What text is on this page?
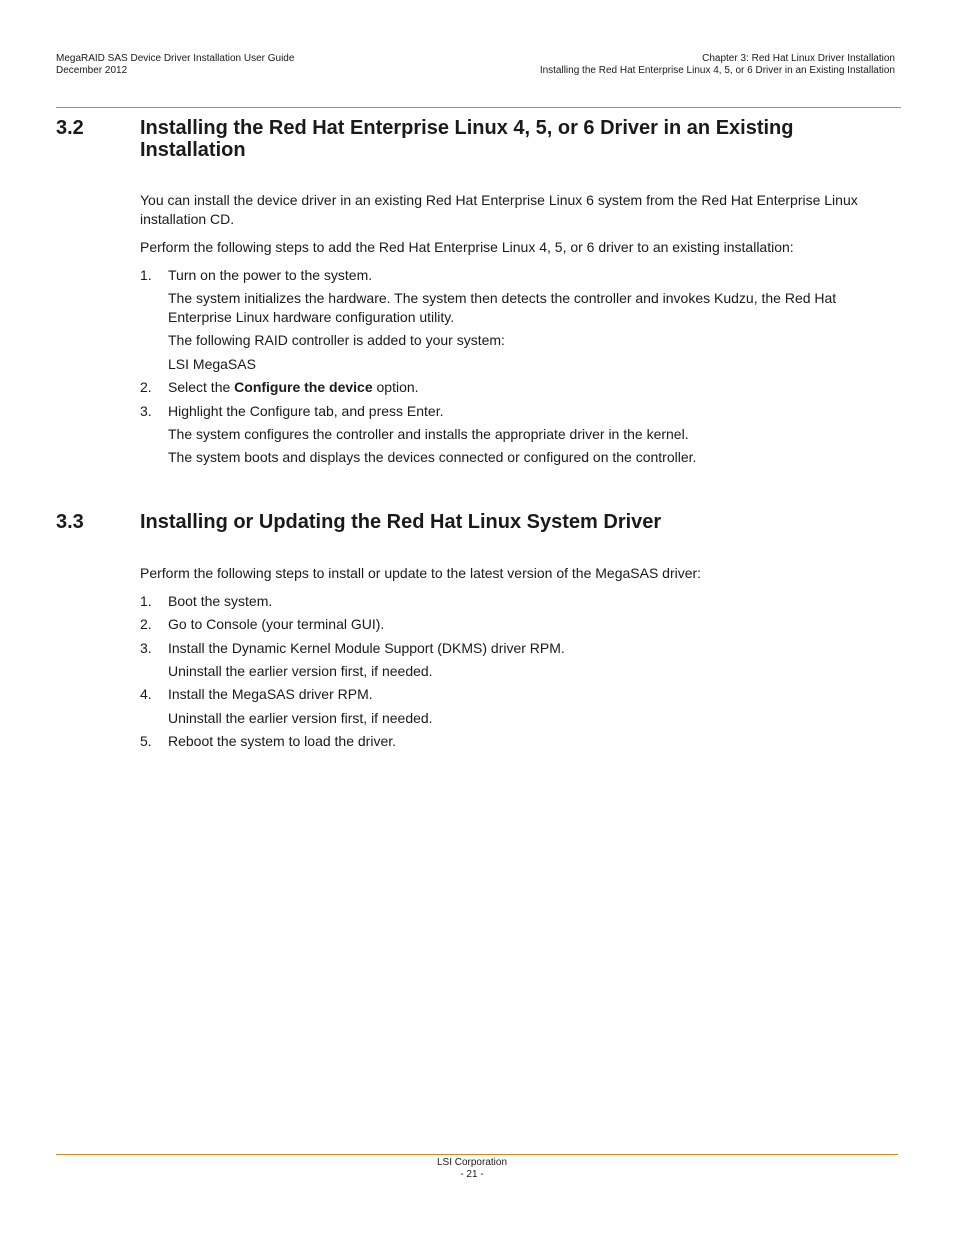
MegaRAID SAS Device Driver Installation User Guide
December 2012
Chapter 3: Red Hat Linux Driver Installation
Installing the Red Hat Enterprise Linux 4, 5, or 6 Driver in an Existing Installation
3.2	Installing the Red Hat Enterprise Linux 4, 5, or 6 Driver in an Existing Installation
You can install the device driver in an existing Red Hat Enterprise Linux 6 system from the Red Hat Enterprise Linux installation CD.
Perform the following steps to add the Red Hat Enterprise Linux 4, 5, or 6 driver to an existing installation:
1. Turn on the power to the system.
The system initializes the hardware. The system then detects the controller and invokes Kudzu, the Red Hat Enterprise Linux hardware configuration utility.
The following RAID controller is added to your system:
LSI MegaSAS
2. Select the Configure the device option.
3. Highlight the Configure tab, and press Enter.
The system configures the controller and installs the appropriate driver in the kernel.
The system boots and displays the devices connected or configured on the controller.
3.3	Installing or Updating the Red Hat Linux System Driver
Perform the following steps to install or update to the latest version of the MegaSAS driver:
1. Boot the system.
2. Go to Console (your terminal GUI).
3. Install the Dynamic Kernel Module Support (DKMS) driver RPM.
Uninstall the earlier version first, if needed.
4. Install the MegaSAS driver RPM.
Uninstall the earlier version first, if needed.
5. Reboot the system to load the driver.
LSI Corporation
- 21 -
